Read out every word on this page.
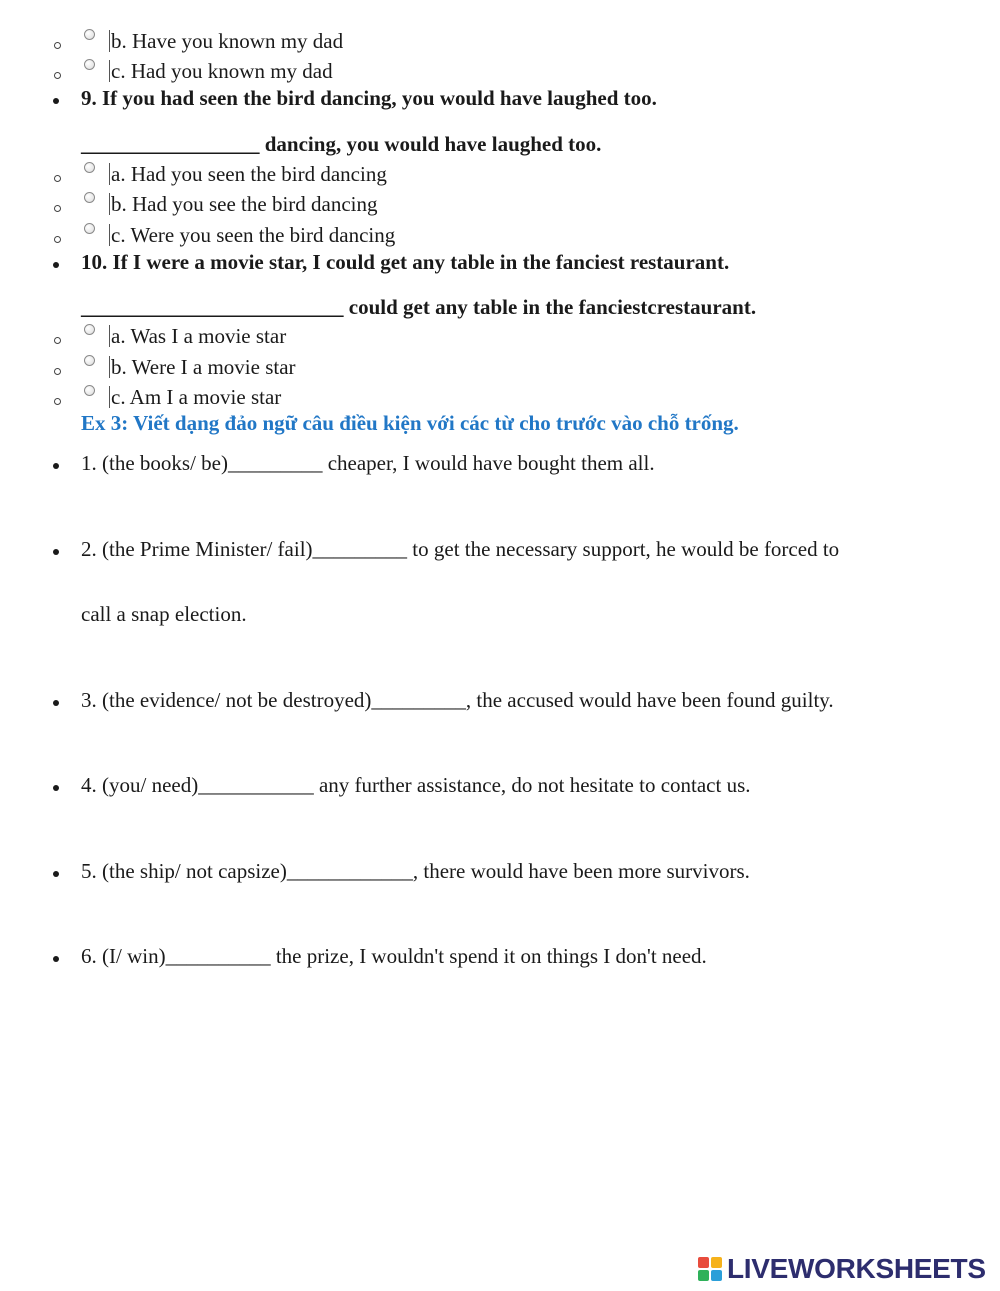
b. Have you known my dad
c. Had you known my dad
9. If you had seen the bird dancing, you would have laughed too.
_________________ dancing, you would have laughed too.
a. Had you seen the bird dancing
b. Had you see the bird dancing
c. Were you seen the bird dancing
10. If I were a movie star, I could get any table in the fanciest restaurant.
_________________________ could get any table in the fanciestcrestaurant.
a. Was I a movie star
b. Were I a movie star
c. Am I a movie star
Ex 3: Viết dạng đảo ngữ câu điều kiện với các từ cho trước vào chỗ trống.
1. (the books/ be)_________ cheaper, I would have bought them all.
2. (the Prime Minister/ fail)_________ to get the necessary support, he would be forced to
call a snap election.
3. (the evidence/ not be destroyed)_________, the accused would have been found guilty.
4. (you/ need)___________ any further assistance, do not hesitate to contact us.
5. (the ship/ not capsize)____________, there would have been more survivors.
6. (I/ win)__________ the prize, I wouldn't spend it on things I don't need.
LIVEWORKSHEETS
